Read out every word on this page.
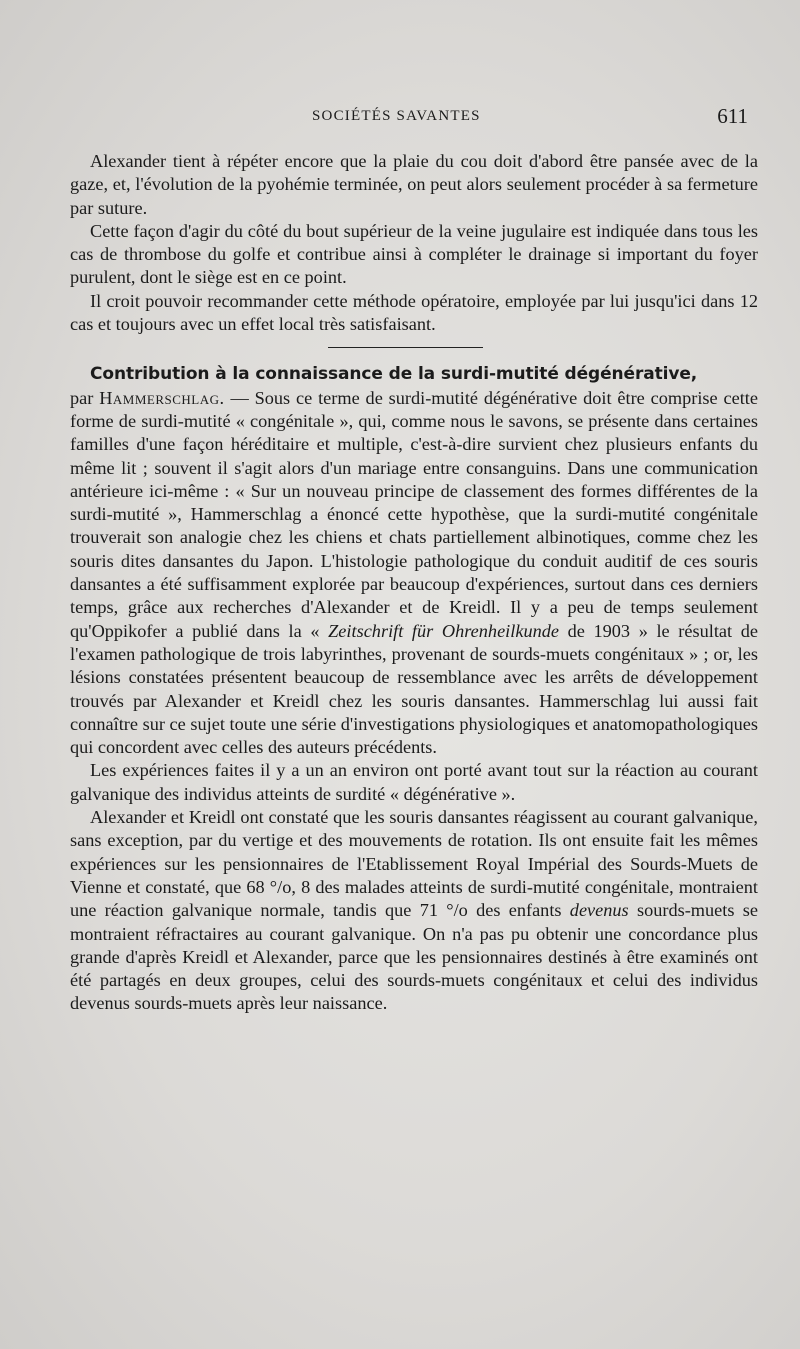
SOCIÉTÉS SAVANTES	611

Alexander tient à répéter encore que la plaie du cou doit d'abord être pansée avec de la gaze, et, l'évolution de la pyohémie terminée, on peut alors seulement procéder à sa fermeture par suture.

Cette façon d'agir du côté du bout supérieur de la veine jugulaire est indiquée dans tous les cas de thrombose du golfe et contribue ainsi à compléter le drainage si important du foyer purulent, dont le siège est en ce point.

Il croit pouvoir recommander cette méthode opératoire, employée par lui jusqu'ici dans 12 cas et toujours avec un effet local très satisfaisant.

Contribution à la connaissance de la surdi-mutité dégénérative,
par Hammerschlag. — Sous ce terme de surdi-mutité dégénérative doit être comprise cette forme de surdi-mutité « congénitale », qui, comme nous le savons, se présente dans certaines familles d'une façon héréditaire et multiple, c'est-à-dire survient chez plusieurs enfants du même lit ; souvent il s'agit alors d'un mariage entre consanguins. Dans une communication antérieure ici-même : « Sur un nouveau principe de classement des formes différentes de la surdi-mutité », Hammerschlag a énoncé cette hypothèse, que la surdi-mutité congénitale trouverait son analogie chez les chiens et chats partiellement albinotiques, comme chez les souris dites dansantes du Japon. L'histologie pathologique du conduit auditif de ces souris dansantes a été suffisamment explorée par beaucoup d'expériences, surtout dans ces derniers temps, grâce aux recherches d'Alexander et de Kreidl. Il y a peu de temps seulement qu'Oppikofer a publié dans la « Zeitschrift für Ohrenheilkunde de 1903 » le résultat de l'examen pathologique de trois labyrinthes, provenant de sourds-muets congénitaux » ; or, les lésions constatées présentent beaucoup de ressemblance avec les arrêts de développement trouvés par Alexander et Kreidl chez les souris dansantes. Hammerschlag lui aussi fait connaître sur ce sujet toute une série d'investigations physiologiques et anatomopathologiques qui concordent avec celles des auteurs précédents.

Les expériences faites il y a un an environ ont porté avant tout sur la réaction au courant galvanique des individus atteints de surdité « dégénérative ».

Alexander et Kreidl ont constaté que les souris dansantes réagissent au courant galvanique, sans exception, par du vertige et des mouvements de rotation. Ils ont ensuite fait les mêmes expériences sur les pensionnaires de l'Etablissement Royal Impérial des Sourds-Muets de Vienne et constaté, que 68 °/o, 8 des malades atteints de surdi-mutité congénitale, montraient une réaction galvanique normale, tandis que 71 °/o des enfants devenus sourds-muets se montraient réfractaires au courant galvanique. On n'a pas pu obtenir une concordance plus grande d'après Kreidl et Alexander, parce que les pensionnaires destinés à être examinés ont été partagés en deux groupes, celui des sourds-muets congénitaux et celui des individus devenus sourds-muets après leur naissance.
